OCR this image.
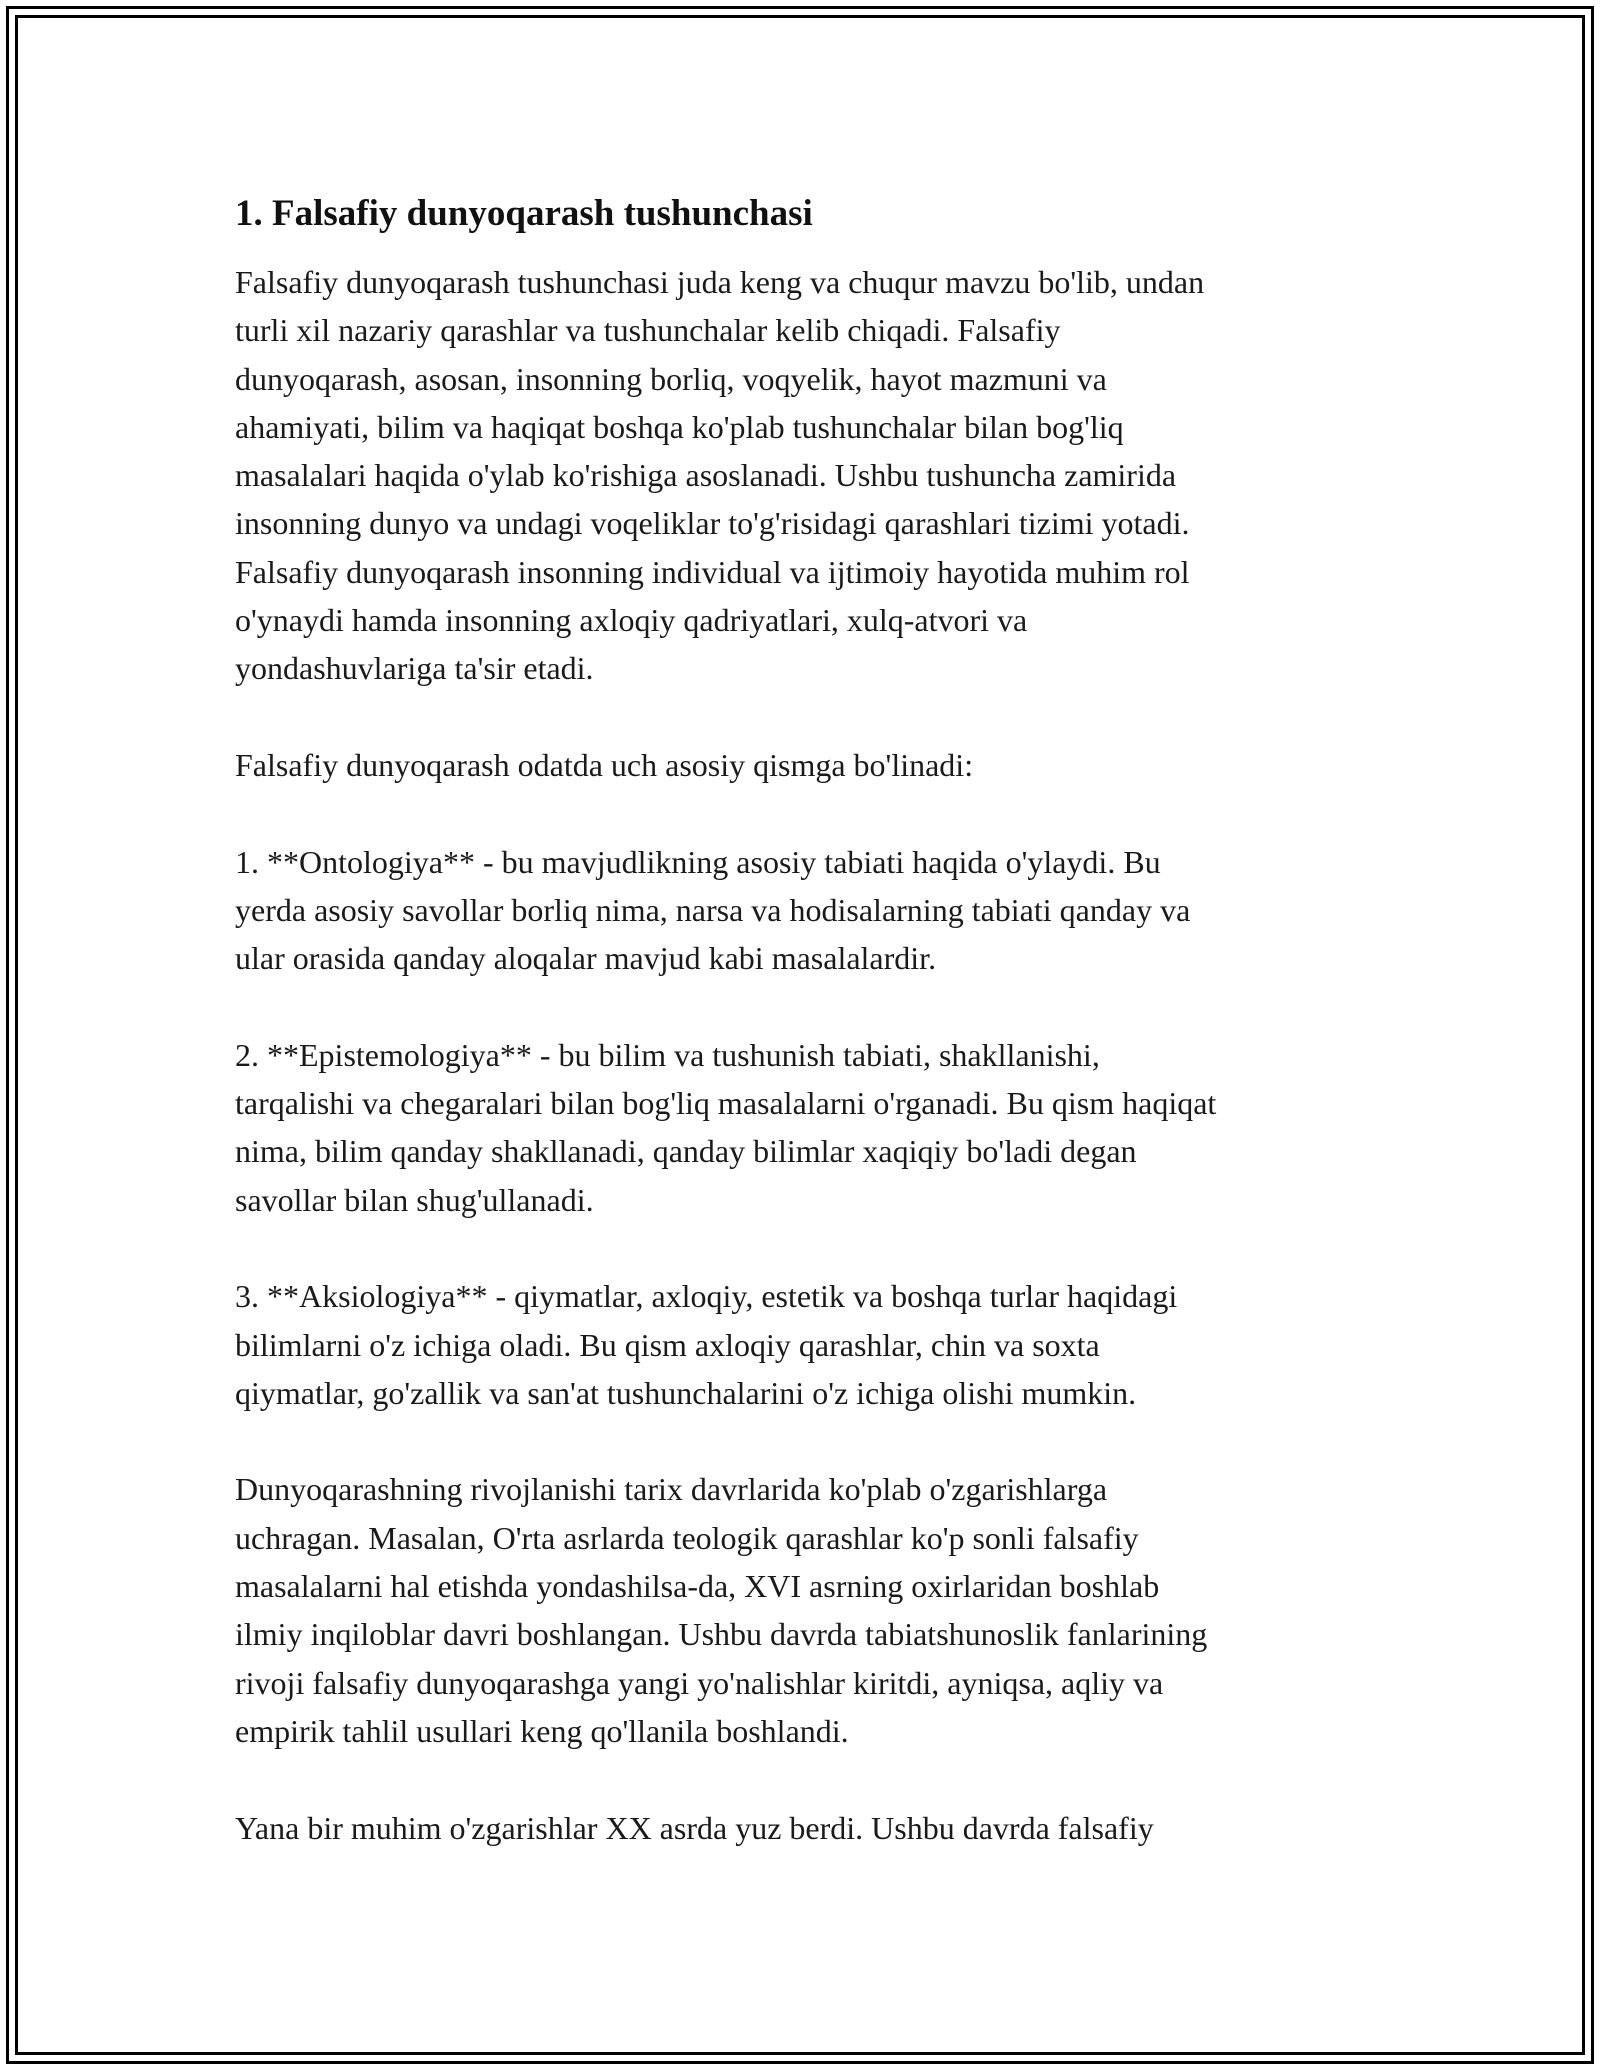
1. Falsafiy dunyoqarash tushunchasi

Falsafiy dunyoqarash tushunchasi juda keng va chuqur mavzu bo'lib, undan
turli xil nazariy qarashlar va tushunchalar kelib chiqadi. Falsafiy
dunyoqarash, asosan, insonning borliq, voqyelik, hayot mazmuni va
ahamiyati, bilim va haqiqat boshqa ko'plab tushunchalar bilan bog'liq
masalalari haqida o'ylab ko'rishiga asoslanadi. Ushbu tushuncha zamirida
insonning dunyo va undagi voqeliklar to'g'risidagi qarashlari tizimi yotadi.
Falsafiy dunyoqarash insonning individual va ijtimoiy hayotida muhim rol
o'ynaydi hamda insonning axloqiy qadriyatlari, xulq-atvori va
yondashuvlariga ta'sir etadi.

Falsafiy dunyoqarash odatda uch asosiy qismga bo'linadi:

1. **Ontologiya** - bu mavjudlikning asosiy tabiati haqida o'ylaydi. Bu
yerda asosiy savollar borliq nima, narsa va hodisalarning tabiati qanday va
ular orasida qanday aloqalar mavjud kabi masalalardir.

2. **Epistemologiya** - bu bilim va tushunish tabiati, shakllanishi,
tarqalishi va chegaralari bilan bog'liq masalalarni o'rganadi. Bu qism haqiqat
nima, bilim qanday shakllanadi, qanday bilimlar xaqiqiy bo'ladi degan
savollar bilan shug'ullanadi.

3. **Aksiologiya** - qiymatlar, axloqiy, estetik va boshqa turlar haqidagi
bilimlarni o'z ichiga oladi. Bu qism axloqiy qarashlar, chin va soxta
qiymatlar, go'zallik va san'at tushunchalarini o'z ichiga olishi mumkin.

Dunyoqarashning rivojlanishi tarix davrlarida ko'plab o'zgarishlarga
uchragan. Masalan, O'rta asrlarda teologik qarashlar ko'p sonli falsafiy
masalalarni hal etishda yondashilsa-da, XVI asrning oxirlaridan boshlab
ilmiy inqiloblar davri boshlangan. Ushbu davrda tabiatshunoslik fanlarining
rivoji falsafiy dunyoqarashga yangi yo'nalishlar kiritdi, ayniqsa, aqliy va
empirik tahlil usullari keng qo'llanila boshlandi.

Yana bir muhim o'zgarishlar XX asrda yuz berdi. Ushbu davrda falsafiy
